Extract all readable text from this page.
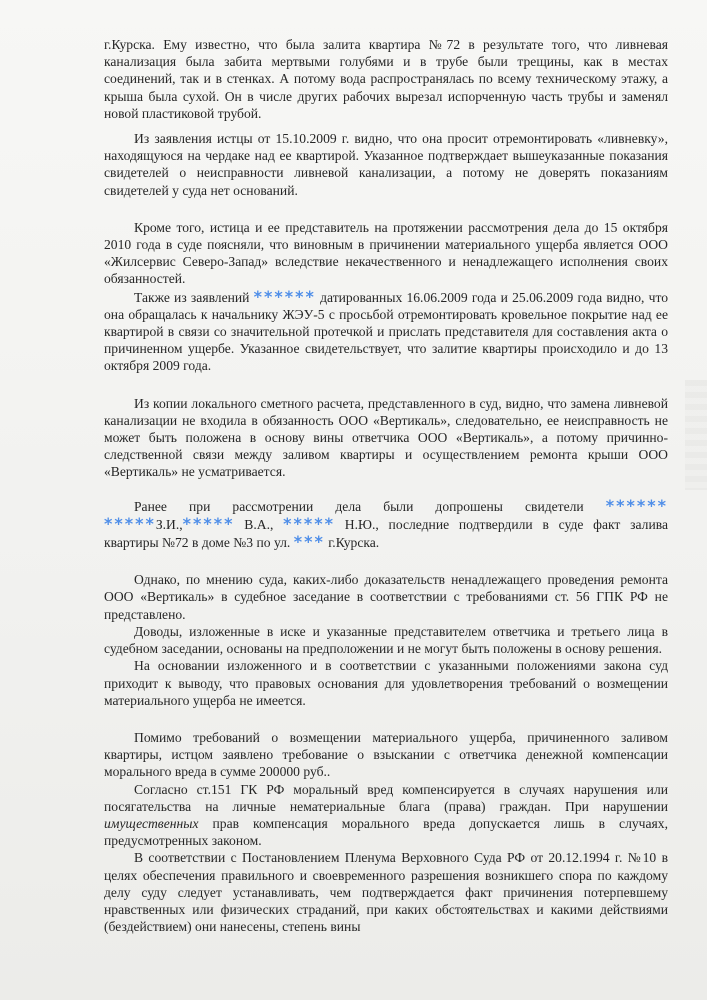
г.Курска. Ему известно, что была залита квартира №72 в результате того, что ливневая канализация была забита мертвыми голубями и в трубе были трещины, как в местах соединений, так и в стенках. А потому вода распространялась по всему техническому этажу, а крыша была сухой. Он в числе других рабочих вырезал испорченную часть трубы и заменял новой пластиковой трубой.

Из заявления истцы от 15.10.2009 г. видно, что она просит отремонтировать «ливневку», находящуюся на чердаке над ее квартирой. Указанное подтверждает вышеуказанные показания свидетелей о неисправности ливневой канализации, а потому не доверять показаниям свидетелей у суда нет оснований.

Кроме того, истица и ее представитель на протяжении рассмотрения дела до 15 октября 2010 года в суде поясняли, что виновным в причинении материального ущерба является ООО «Жилсервис Северо-Запад» вследствие некачественного и ненадлежащего исполнения своих обязанностей.

Также из заявлений ****** датированных 16.06.2009 года и 25.06.2009 года видно, что она обращалась к начальнику ЖЭУ-5 с просьбой отремонтировать кровельное покрытие над ее квартирой в связи со значительной протечкой и прислать представителя для составления акта о причиненном ущербе. Указанное свидетельствует, что залитие квартиры происходило и до 13 октября 2009 года.

Из копии локального сметного расчета, представленного в суд, видно, что замена ливневой канализации не входила в обязанность ООО «Вертикаль», следовательно, ее неисправность не может быть положена в основу вины ответчика ООО «Вертикаль», а потому причинно-следственной связи между заливом квартиры и осуществлением ремонта крыши ООО «Вертикаль» не усматривается.

Ранее при рассмотрении дела были допрошены свидетели ****** *****З.И.,***** В.А., ***** Н.Ю., последние подтвердили в суде факт залива квартиры №72 в доме №3 по ул. *** г.Курска.

Однако, по мнению суда, каких-либо доказательств ненадлежащего проведения ремонта ООО «Вертикаль» в судебное заседание в соответствии с требованиями ст. 56 ГПК РФ не представлено.

Доводы, изложенные в иске и указанные представителем ответчика и третьего лица в судебном заседании, основаны на предположении и не могут быть положены в основу решения.

На основании изложенного и в соответствии с указанными положениями закона суд приходит к выводу, что правовых основания для удовлетворения требований о возмещении материального ущерба не имеется.

Помимо требований о возмещении материального ущерба, причиненного заливом квартиры, истцом заявлено требование о взыскании с ответчика денежной компенсации морального вреда в сумме 200000 руб..

Согласно ст.151 ГК РФ моральный вред компенсируется в случаях нарушения или посягательства на личные нематериальные блага (права) граждан. При нарушении имущественных прав компенсация морального вреда допускается лишь в случаях, предусмотренных законом.

В соответствии с Постановлением Пленума Верховного Суда РФ от 20.12.1994 г. №10 в целях обеспечения правильного и своевременного разрешения возникшего спора по каждому делу суду следует устанавливать, чем подтверждается факт причинения потерпевшему нравственных или физических страданий, при каких обстоятельствах и какими действиями (бездействием) они нанесены, степень вины
